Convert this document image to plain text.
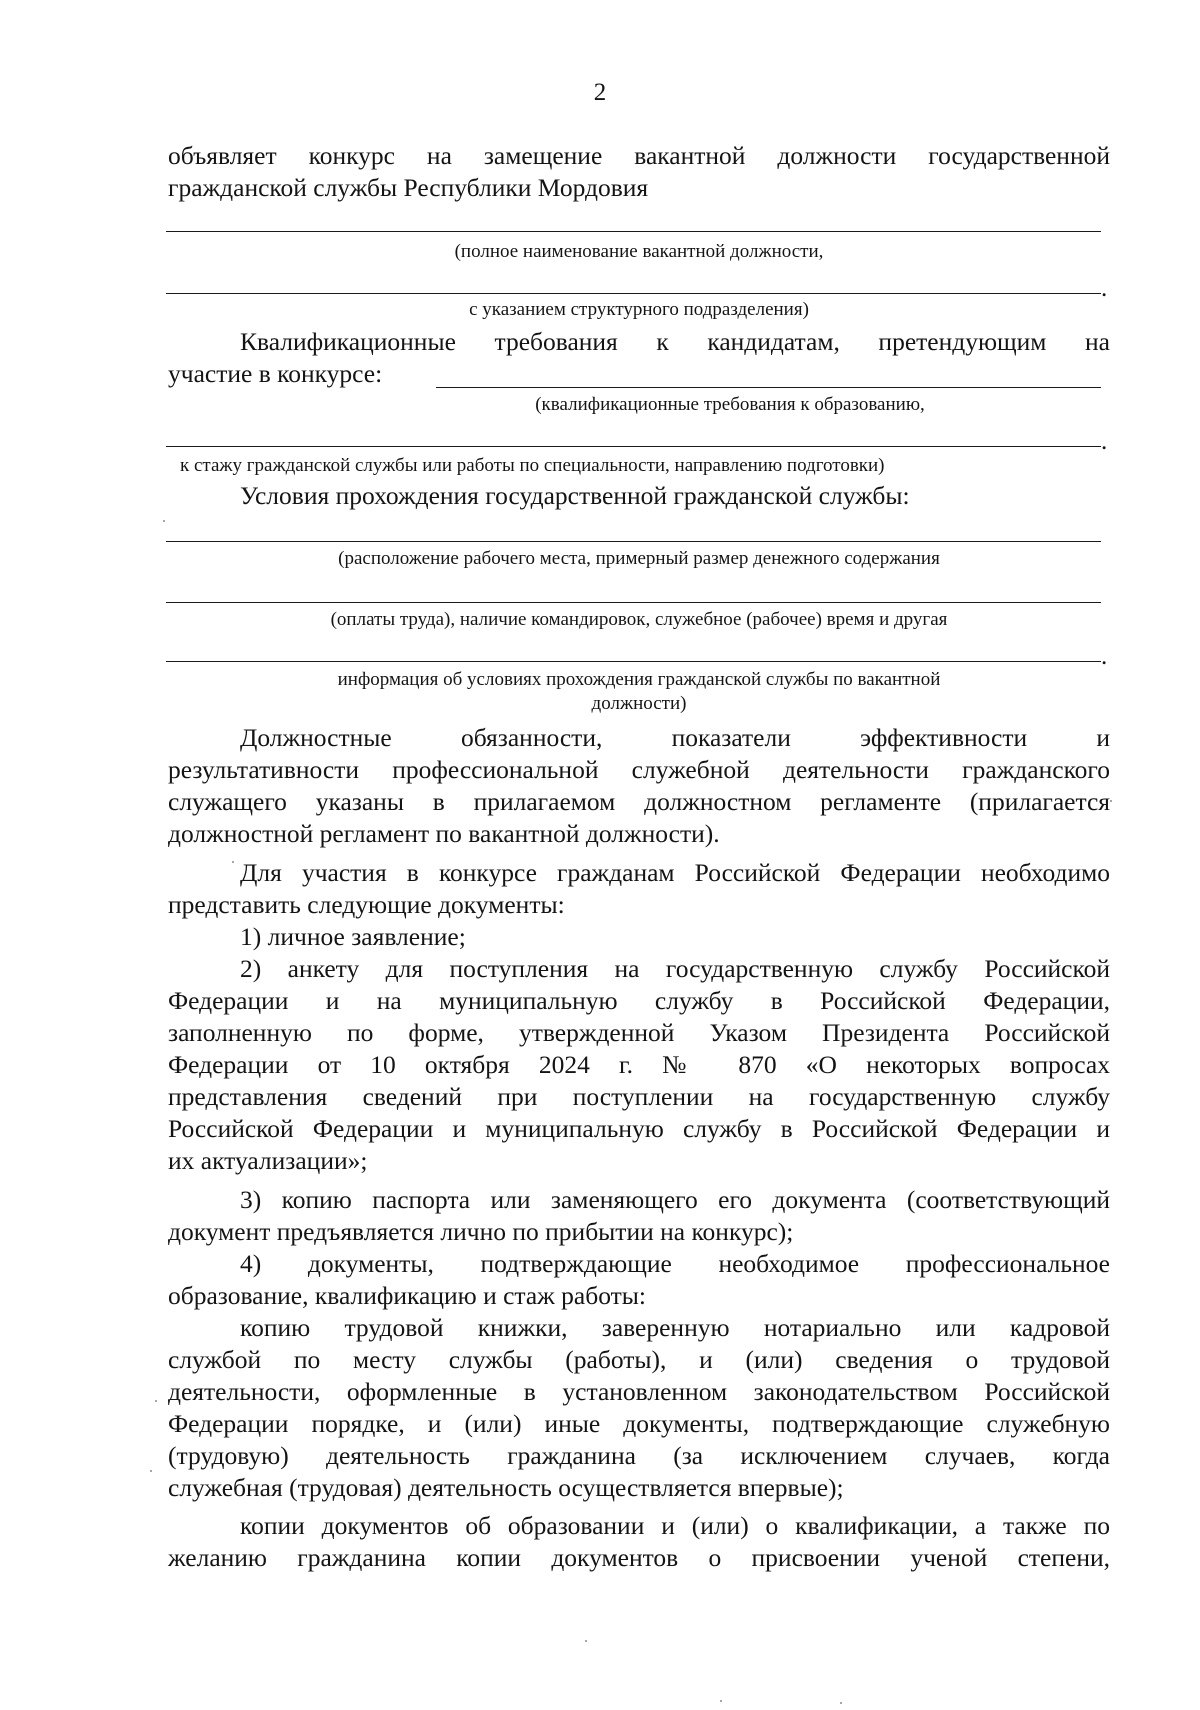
2
объявляет конкурс на замещение вакантной должности государственной
гражданской службы Республики Мордовия
(полное наименование вакантной должности,
.
с указанием структурного подразделения)
Квалификационные требования к кандидатам, претендующим на
участие в конкурсе:
(квалификационные требования к образованию,
.
к стажу гражданской службы или работы по специальности, направлению подготовки)
Условия прохождения государственной гражданской службы:
(расположение рабочего места, примерный размер денежного содержания
(оплаты труда), наличие командировок, служебное (рабочее) время и другая
.
информация об условиях прохождения гражданской службы по вакантной
должности)
Должностные обязанности, показатели эффективности и
результативности профессиональной служебной деятельности гражданского
служащего указаны в прилагаемом должностном регламенте (прилагается
должностной регламент по вакантной должности).
Для участия в конкурсе гражданам Российской Федерации необходимо
представить следующие документы:
1) личное заявление;
2) анкету для поступления на государственную службу Российской
Федерации и на муниципальную службу в Российской Федерации,
заполненную по форме, утвержденной Указом Президента Российской
Федерации от 10 октября 2024 г. № 870 «О некоторых вопросах
представления сведений при поступлении на государственную службу
Российской Федерации и муниципальную службу в Российской Федерации и
их актуализации»;
3) копию паспорта или заменяющего его документа (соответствующий
документ предъявляется лично по прибытии на конкурс);
4) документы, подтверждающие необходимое профессиональное
образование, квалификацию и стаж работы:
копию трудовой книжки, заверенную нотариально или кадровой
службой по месту службы (работы), и (или) сведения о трудовой
деятельности, оформленные в установленном законодательством Российской
Федерации порядке, и (или) иные документы, подтверждающие служебную
(трудовую) деятельность гражданина (за исключением случаев, когда
служебная (трудовая) деятельность осуществляется впервые);
копии документов об образовании и (или) о квалификации, а также по
желанию гражданина копии документов о присвоении ученой степени,
